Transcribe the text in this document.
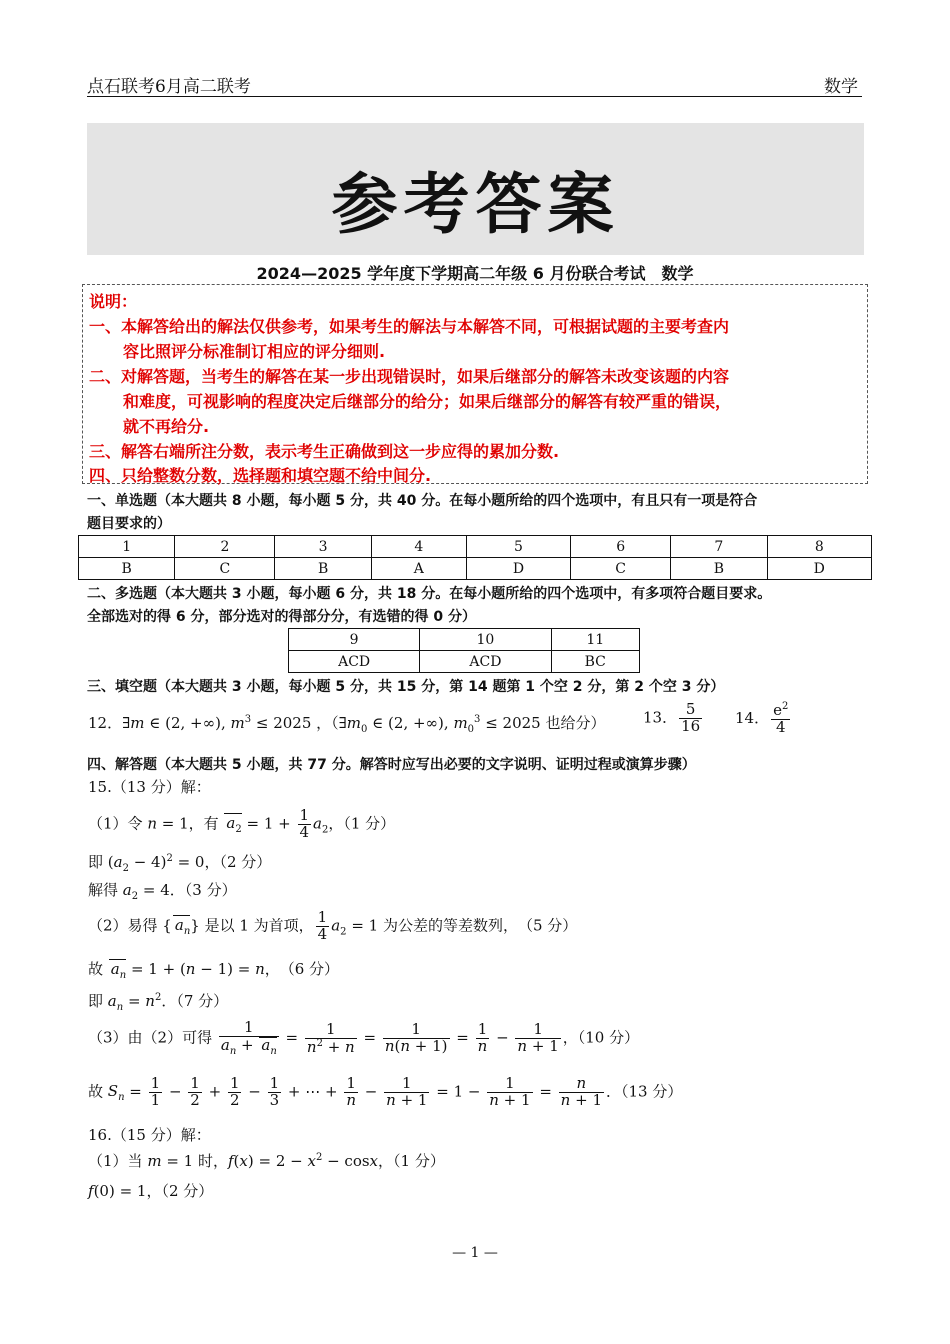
点石联考6月高二联考	数学
参考答案
2024—2025 学年度下学期高二年级 6 月份联合考试　数学
说明：
一、本解答给出的解法仅供参考，如果考生的解法与本解答不同，可根据试题的主要考查内
容比照评分标准制订相应的评分细则.
二、对解答题，当考生的解答在某一步出现错误时，如果后继部分的解答未改变该题的内容
和难度，可视影响的程度决定后继部分的给分；如果后继部分的解答有较严重的错误，
就不再给分.
三、解答右端所注分数，表示考生正确做到这一步应得的累加分数.
四、只给整数分数，选择题和填空题不给中间分.
一、单选题（本大题共 8 小题，每小题 5 分，共 40 分。在每小题所给的四个选项中，有且只有一项是符合
题目要求的）
1	2	3	4	5	6	7	8
B	C	B	A	D	C	B	D
二、多选题（本大题共 3 小题，每小题 6 分，共 18 分。在每小题所给的四个选项中，有多项符合题目要求。
全部选对的得 6 分，部分选对的得部分分，有选错的得 0 分）
9	10	11
ACD	ACD	BC
三、填空题（本大题共 3 小题，每小题 5 分，共 15 分，第 14 题第 1 个空 2 分，第 2 个空 3 分）
12．∃m ∈ (2, +∞), $m^3 \le 2025$ ，（$\exists m_0$ ∈ (2, +∞), $m_0^3 \le 2025$ 也给分）	13． $\frac{5}{16} 14$． $\frac{e^2}{4}$
四、解答题（本大题共 5 小题，共 77 分。解答时应写出必要的文字说明、证明过程或演算步骤）
15.（13 分）解：
（1）令 n = 1，有 $a_2 = 1 + \frac{1}{4} a_2$，（1 分）
即 $(a_2 - 4)^2 = 0$，（2 分）
解得 $a_2 = 4$．（3 分）
（2）易得 { $a_n$} 是以 1 为首项， $\frac{1}{4} a_2 = 1$ 为公差的等差数列，　（5 分）
故 $a_n = 1 + (n - 1) = n$，　（6 分）
即 $a_n = n^2$．（7 分）
（3）由（2）可得 $\frac{1}{a_n + a_n} = \frac{1}{n^2 + n} = \frac{1}{n(n + 1)} = \frac{1}{n} - \frac{1}{n + 1}$ ，（10 分）
故 $S_n = \frac{1}{1} - \frac{1}{2} + \frac{1}{2} - \frac{1}{3}$ + ⋯ + $\frac{1}{n} - \frac{1}{n + 1} = 1 - \frac{1}{n + 1} = \frac{n}{n + 1}$ ．（13 分）
16.（15 分）解：
（1）当 m = 1 时，$f(x) = 2 - x^2 - \cos x$，（1 分）
f(0) = 1，（2 分）
— 1 —
